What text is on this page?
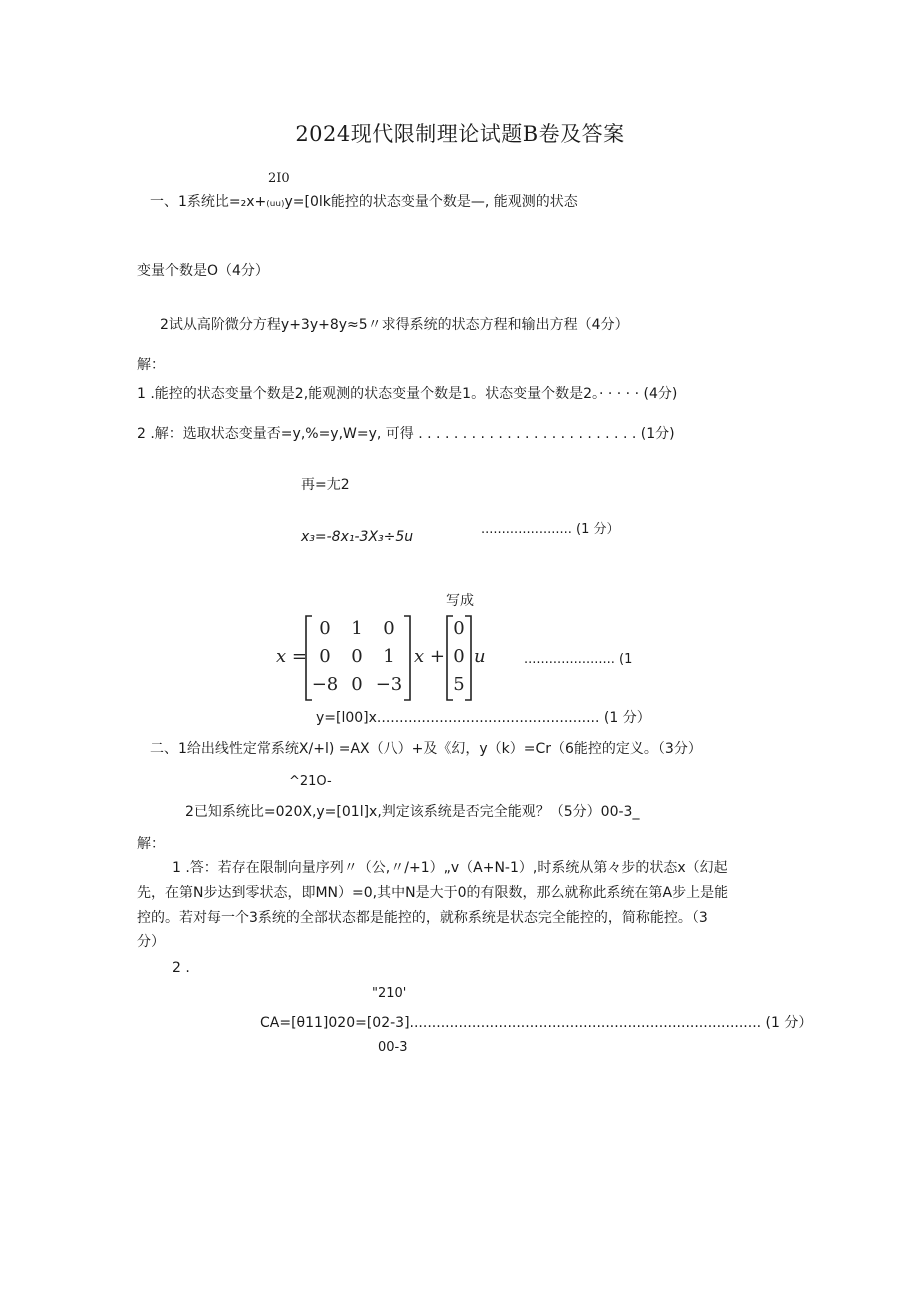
2024现代限制理论试题B卷及答案
2I0
一、1系统比=₂x+₍ᵤᵤ₎y=[0lk能控的状态变量个数是—, 能观测的状态
变量个数是O（4分）
2试从高阶微分方程y+3y+8y≈5〃求得系统的状态方程和输出方程（4分）
解：
1 .能控的状态变量个数是2,能观测的状态变量个数是1。状态变量个数是2。· · · · · (4分)
2 .解：选取状态变量否=y,%=y,W=y, 可得 . . . . . . . . . . . . . . . . . . . . . . . . . (1分)
再=尢2
x₃=-8x₁-3X₃÷5u	...................... (1 分）
写成
x =
0	1	0
0	0	1
−8 0 −3
x +
0
0
5
u	...................... (1
y=[l00]x.................................................. (1 分）
二、1给出线性定常系统X/+l) =AX（八）+及《幻，y（k）=Cr（6能控的定义。（3分）
^21O-
2已知系统比=020X,y=[01l]x,判定该系统是否完全能观？（5分）00-3_
解：
1 .答：若存在限制向量序列〃（公,〃/+1）„v（A+N-1）,时系统从第々步的状态x（幻起
先，在第N步达到零状态，即MN）=0,其中N是大于0的有限数，那么就称此系统在第A步上是能
控的。若对每一个3系统的全部状态都是能控的，就称系统是状态完全能控的，简称能控。（3
分）
2 .
"210'
CA=[θ11]020=[02-3]............................................................................... (1 分）
00-3
